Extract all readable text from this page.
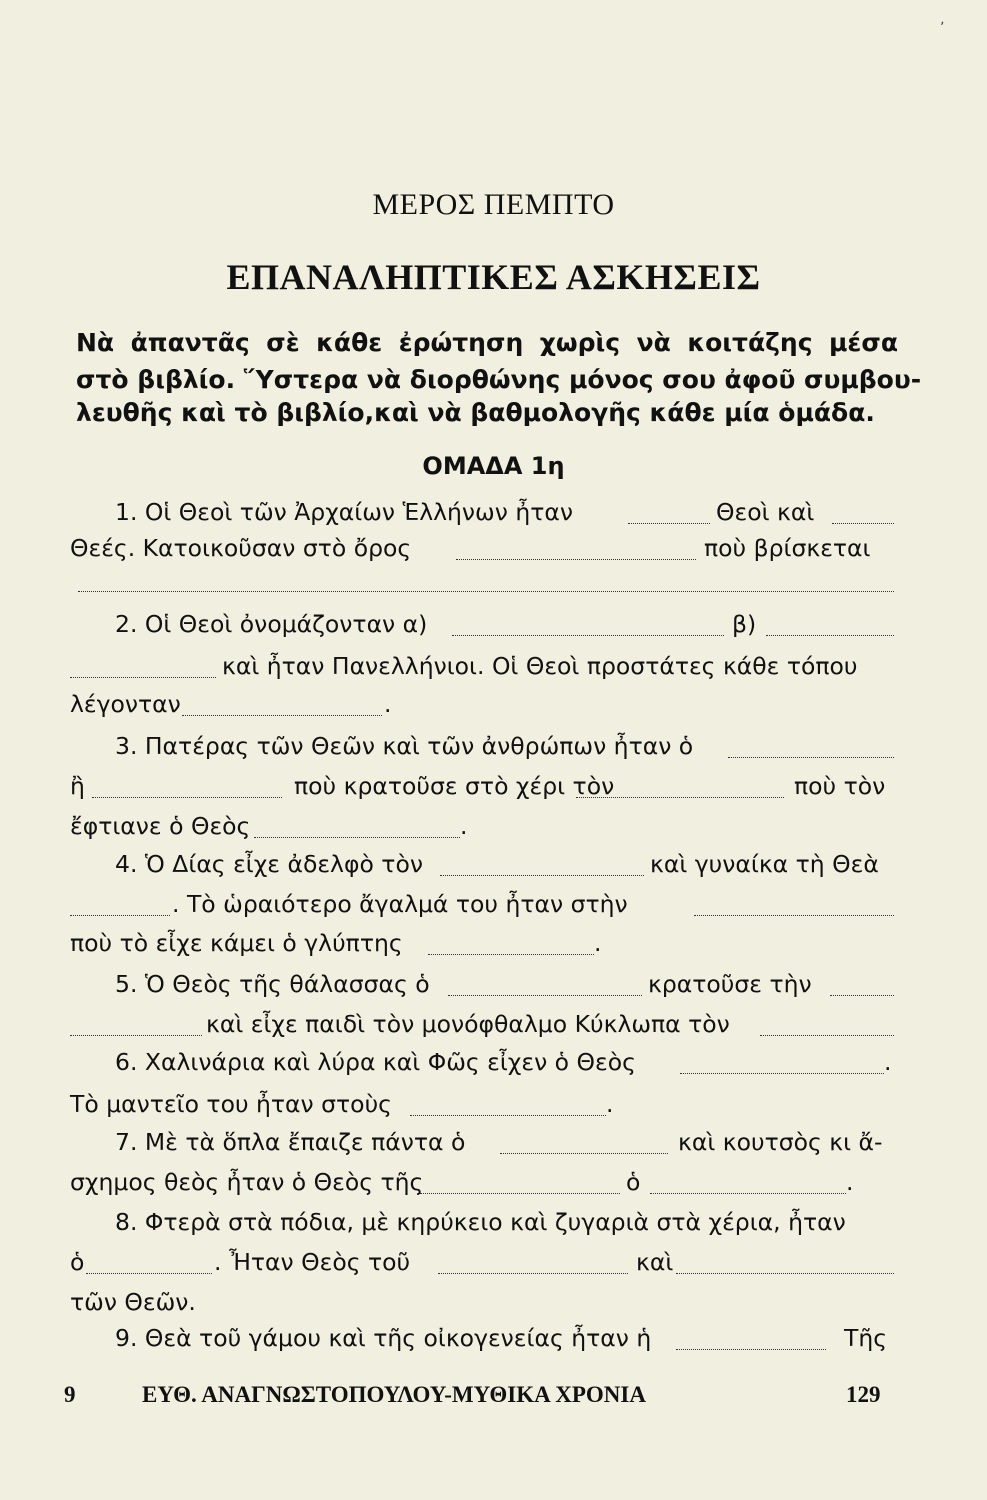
ʼ
ΜΕΡΟΣ ΠΕΜΠΤΟ
ΕΠΑΝΑΛΗΠΤΙΚΕΣ ΑΣΚΗΣΕΙΣ
Νὰ ἀπαντᾶς σὲ κάθε ἐρώτηση χωρὶς νὰ κοιτάζης μέσα
στὸ βιβλίο. Ὕστερα νὰ διορθώνης μόνος σου ἀφοῦ συμβου-
λευθῆς καὶ τὸ βιβλίο,καὶ νὰ βαθμολογῆς κάθε μία ὁμάδα.
ΟΜΑΔΑ 1η
1. Οἱ Θεοὶ τῶν Ἀρχαίων Ἑλλήνων ἦταν	Θεοὶ καὶ
Θεές. Κατοικοῦσαν στὸ ὄρος	ποὺ βρίσκεται
2. Οἱ Θεοὶ ὀνομάζονταν α)	β)
καὶ ἦταν Πανελλήνιοι. Οἱ Θεοὶ προστάτες κάθε τόπου
λέγονταν	.
3. Πατέρας τῶν Θεῶν καὶ τῶν ἀνθρώπων ἦταν ὁ
ἢ	ποὺ κρατοῦσε στὸ χέρι τὸν	ποὺ τὸν
ἔφτιανε ὁ Θεὸς	.
4. Ὁ Δίας εἶχε ἀδελφὸ τὸν	καὶ γυναίκα τὴ Θεὰ
. Τὸ ὡραιότερο ἄγαλμά του ἦταν στὴν
ποὺ τὸ εἶχε κάμει ὁ γλύπτης	.
5. Ὁ Θεὸς τῆς θάλασσας ὁ	κρατοῦσε τὴν
καὶ εἶχε παιδὶ τὸν μονόφθαλμο Κύκλωπα τὸν
6. Χαλινάρια καὶ λύρα καὶ Φῶς εἶχεν ὁ Θεὸς	.
Τὸ μαντεῖο του ἦταν στοὺς	.
7. Μὲ τὰ ὅπλα ἔπαιζε πάντα ὁ	καὶ κουτσὸς κι ἄ-
σχημος θεὸς ἦταν ὁ Θεὸς τῆς	ὁ	.
8. Φτερὰ στὰ πόδια, μὲ κηρύκειο καὶ ζυγαριὰ στὰ χέρια, ἦταν
ὁ	. Ἦταν Θεὸς τοῦ	καὶ
τῶν Θεῶν.
9. Θεὰ τοῦ γάμου καὶ τῆς οἰκογενείας ἦταν ἡ	Τῆς
9	ΕΥΘ. ΑΝΑΓΝΩΣΤΟΠΟΥΛΟΥ-ΜΥΘΙΚΑ ΧΡΟΝΙΑ	129
